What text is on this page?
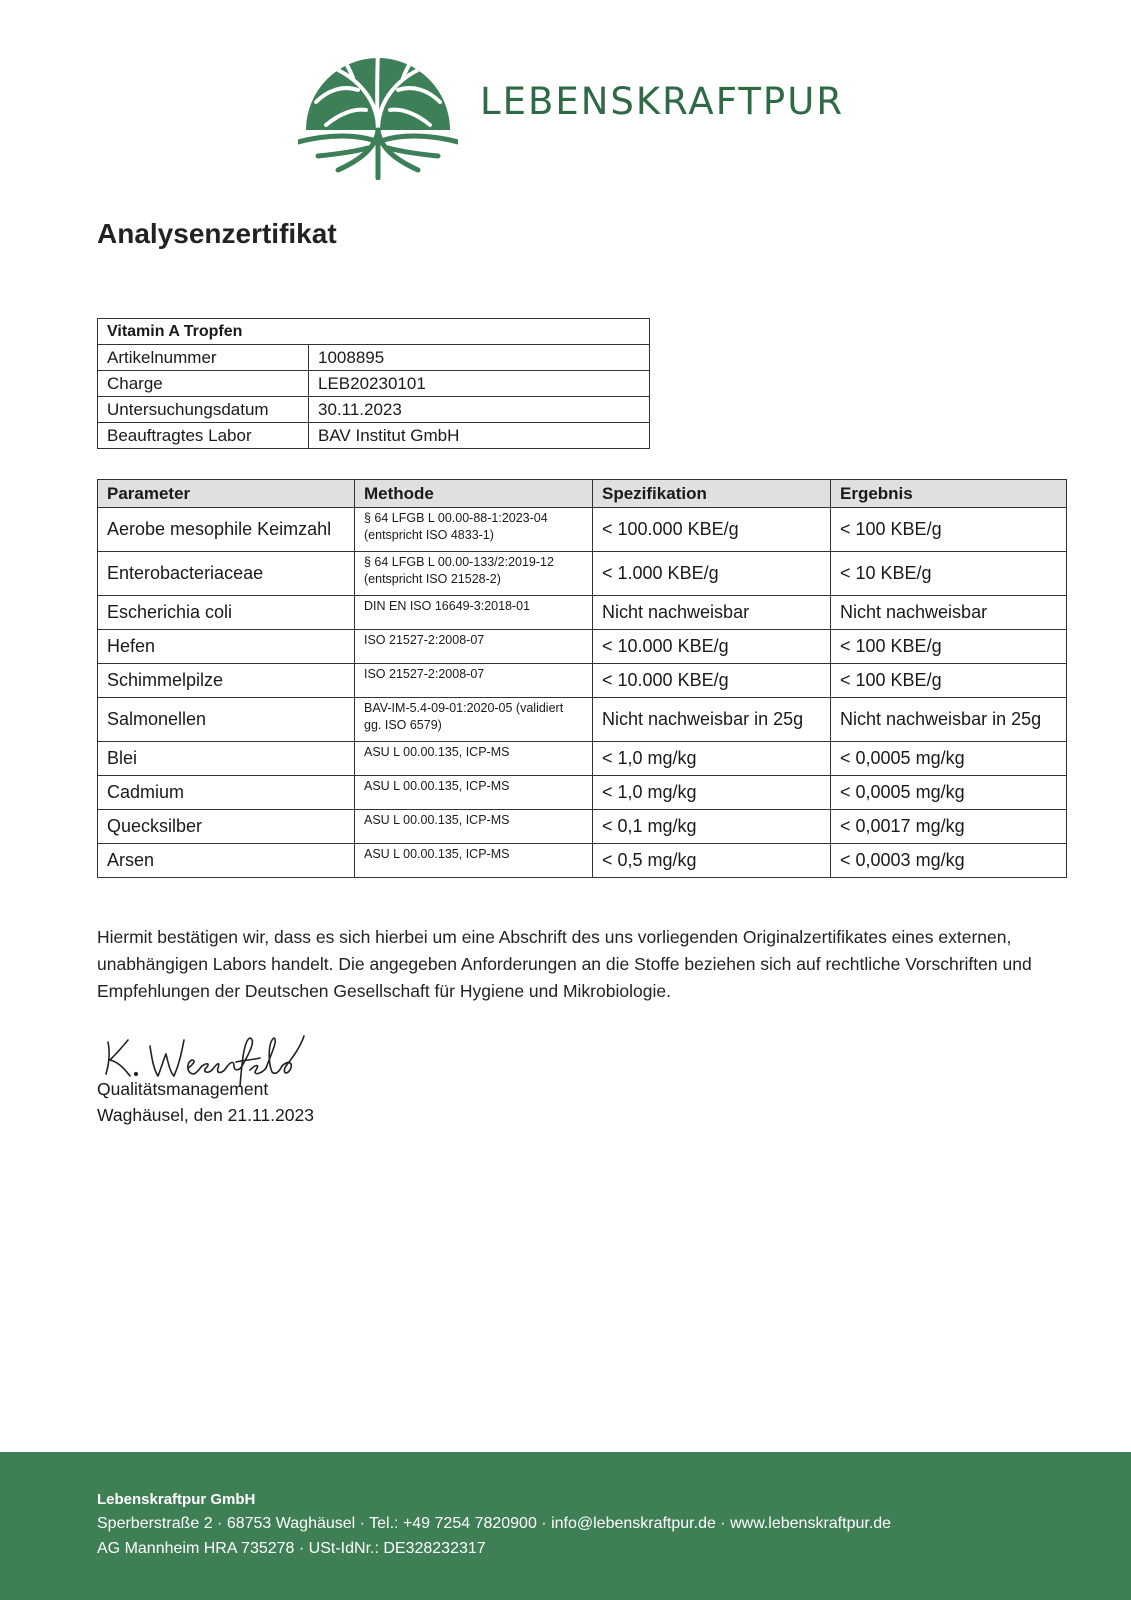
LEBENSKRAFTPUR
Analysenzertifikat
Vitamin A Tropfen	
Artikelnummer	1008895
Charge	LEB20230101
Untersuchungsdatum	30.11.2023
Beauftragtes Labor	BAV Institut GmbH
Parameter	Methode	Spezifikation	Ergebnis
Aerobe mesophile Keimzahl	§ 64 LFGB L 00.00-88-1:2023-04 (entspricht ISO 4833-1)	< 100.000 KBE/g	< 100 KBE/g
Enterobacteriaceae	§ 64 LFGB L 00.00-133/2:2019-12 (entspricht ISO 21528-2)	< 1.000 KBE/g	< 10 KBE/g
Escherichia coli	DIN EN ISO 16649-3:2018-01	Nicht nachweisbar	Nicht nachweisbar
Hefen	ISO 21527-2:2008-07	< 10.000 KBE/g	< 100 KBE/g
Schimmelpilze	ISO 21527-2:2008-07	< 10.000 KBE/g	< 100 KBE/g
Salmonellen	BAV-IM-5.4-09-01:2020-05 (validiert gg. ISO 6579)	Nicht nachweisbar in 25g	Nicht nachweisbar in 25g
Blei	ASU L 00.00.135, ICP-MS	< 1,0 mg/kg	< 0,0005 mg/kg
Cadmium	ASU L 00.00.135, ICP-MS	< 1,0 mg/kg	< 0,0005 mg/kg
Quecksilber	ASU L 00.00.135, ICP-MS	< 0,1 mg/kg	< 0,0017 mg/kg
Arsen	ASU L 00.00.135, ICP-MS	< 0,5 mg/kg	< 0,0003 mg/kg

Hiermit bestätigen wir, dass es sich hierbei um eine Abschrift des uns vorliegenden Originalzertifikates eines externen, unabhängigen Labors handelt. Die angegeben Anforderungen an die Stoffe beziehen sich auf rechtliche Vorschriften und Empfehlungen der Deutschen Gesellschaft für Hygiene und Mikrobiologie.

Qualitätsmanagement
Waghäusel, den 21.11.2023
Lebenskraftpur GmbH
Sperberstraße 2 · 68753 Waghäusel · Tel.: +49 7254 7820900 · info@lebenskraftpur.de · www.lebenskraftpur.de
AG Mannheim HRA 735278 · USt-IdNr.: DE328232317
